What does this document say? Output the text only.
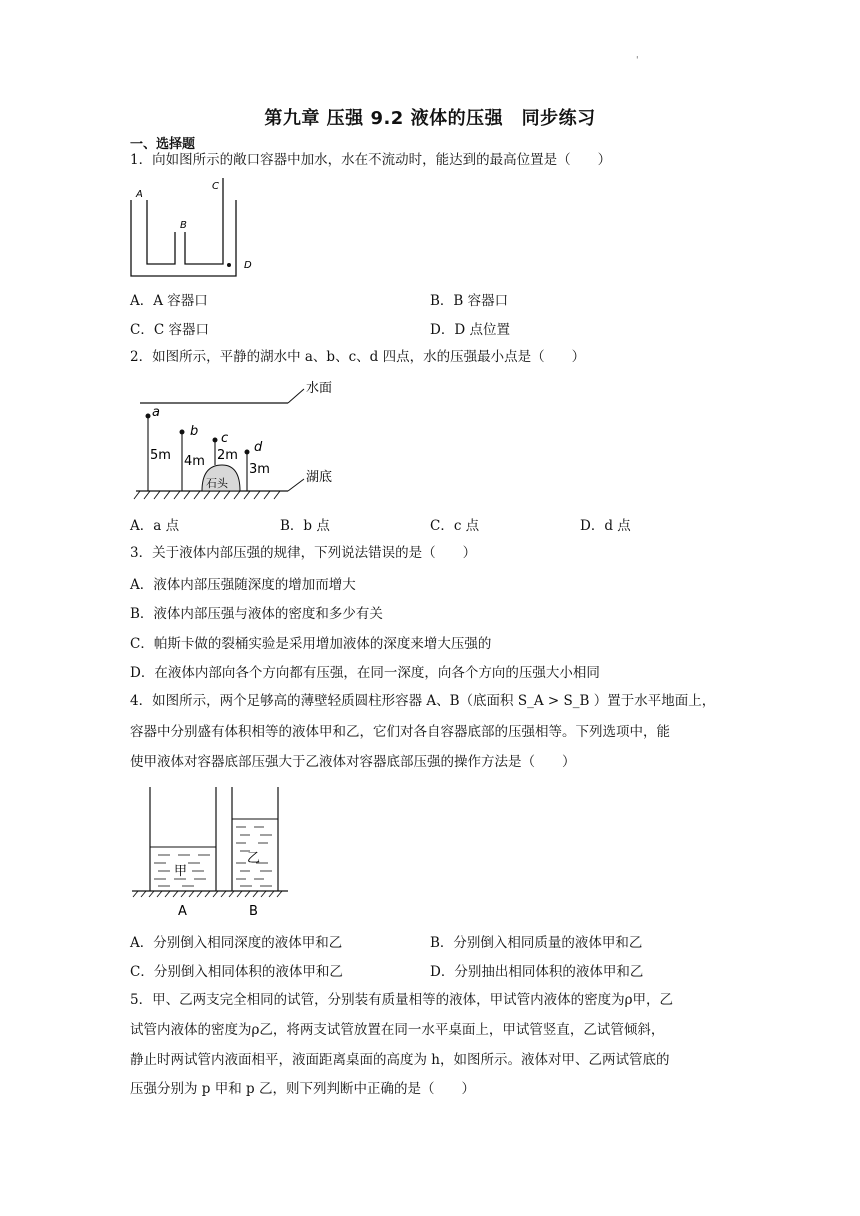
'
第九章 压强 9.2 液体的压强　同步练习
一、选择题
1．向如图所示的敞口容器中加水，水在不流动时，能达到的最高位置是（　　）
A
B
C
D
A．A 容器口	B．B 容器口
C．C 容器口	D．D 点位置
2．如图所示，平静的湖水中 a、b、c、d 四点，水的压强最小点是（　　）
水面
湖底
石头
a
b c
d
5m 4m 2m
3m
A．a 点	B．b 点	C．c 点	D．d 点
3．关于液体内部压强的规律，下列说法错误的是（　　）
A．液体内部压强随深度的增加而增大
B．液体内部压强与液体的密度和多少有关
C．帕斯卡做的裂桶实验是采用增加液体的深度来增大压强的
D．在液体内部向各个方向都有压强，在同一深度，向各个方向的压强大小相同
4．如图所示，两个足够高的薄壁轻质圆柱形容器 A、B（底面积 S_A > S_B ）置于水平地面上，
容器中分别盛有体积相等的液体甲和乙，它们对各自容器底部的压强相等。下列选项中，能
使甲液体对容器底部压强大于乙液体对容器底部压强的操作方法是（　　）
甲
乙
A	B
A．分别倒入相同深度的液体甲和乙	B．分别倒入相同质量的液体甲和乙
C．分别倒入相同体积的液体甲和乙	D．分别抽出相同体积的液体甲和乙
5．甲、乙两支完全相同的试管，分别装有质量相等的液体，甲试管内液体的密度为ρ甲，乙
试管内液体的密度为ρ乙，将两支试管放置在同一水平桌面上，甲试管竖直，乙试管倾斜，
静止时两试管内液面相平，液面距离桌面的高度为 h，如图所示。液体对甲、乙两试管底的
压强分别为 p 甲和 p 乙，则下列判断中正确的是（　　）
